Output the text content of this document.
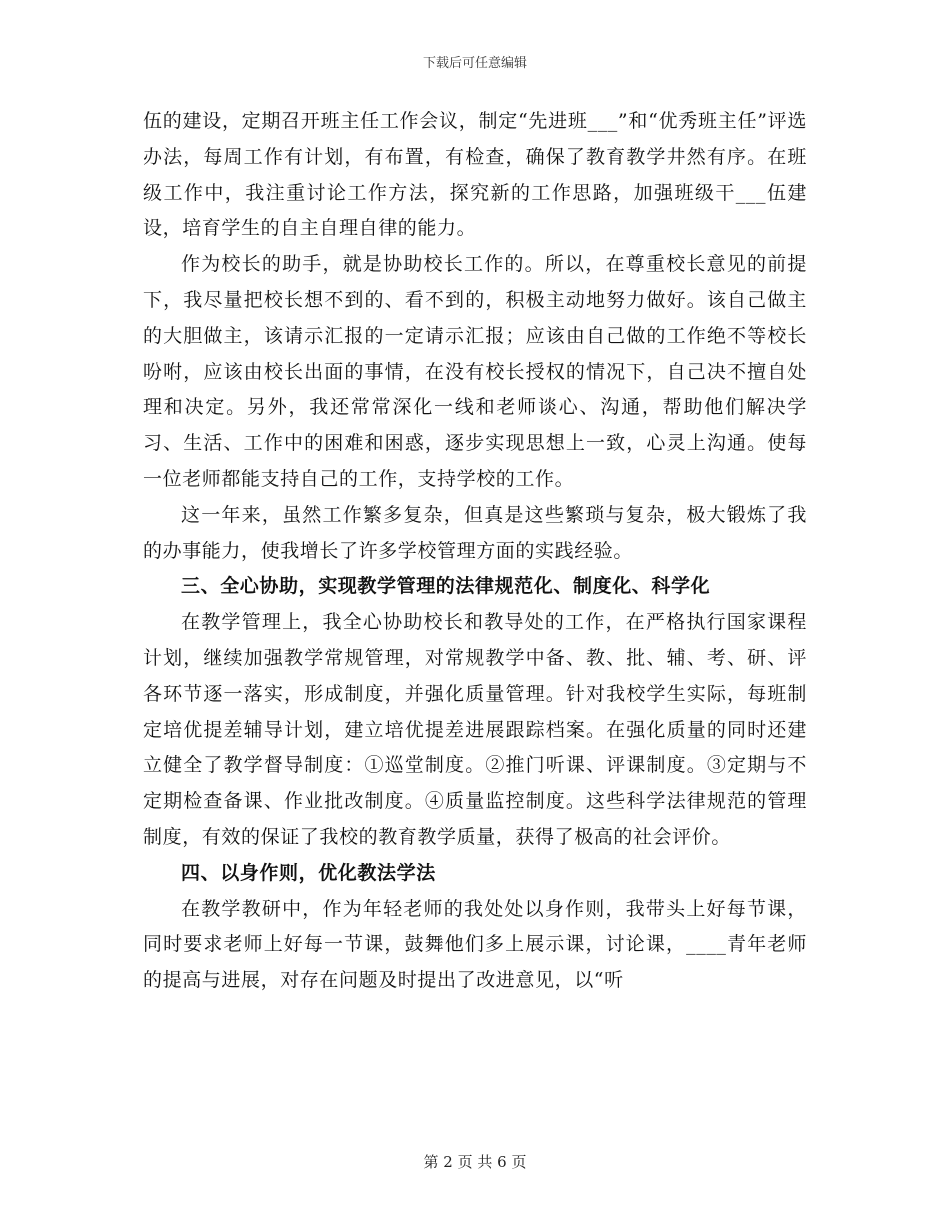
下载后可任意编辑

伍的建设，定期召开班主任工作会议，制定“先进班___”和“优秀班主任”评选办法，每周工作有计划，有布置，有检查，确保了教育教学井然有序。在班级工作中，我注重讨论工作方法，探究新的工作思路，加强班级干___伍建设，培育学生的自主自理自律的能力。

作为校长的助手，就是协助校长工作的。所以，在尊重校长意见的前提下，我尽量把校长想不到的、看不到的，积极主动地努力做好。该自己做主的大胆做主，该请示汇报的一定请示汇报；应该由自己做的工作绝不等校长吩咐，应该由校长出面的事情，在没有校长授权的情况下，自己决不擅自处理和决定。另外，我还常常深化一线和老师谈心、沟通，帮助他们解决学习、生活、工作中的困难和困惑，逐步实现思想上一致，心灵上沟通。使每一位老师都能支持自己的工作，支持学校的工作。

这一年来，虽然工作繁多复杂，但真是这些繁琐与复杂，极大锻炼了我的办事能力，使我增长了许多学校管理方面的实践经验。

三、全心协助，实现教学管理的法律规范化、制度化、科学化

在教学管理上，我全心协助校长和教导处的工作，在严格执行国家课程计划，继续加强教学常规管理，对常规教学中备、教、批、辅、考、研、评各环节逐一落实，形成制度，并强化质量管理。针对我校学生实际，每班制定培优提差辅导计划，建立培优提差进展跟踪档案。在强化质量的同时还建立健全了教学督导制度：①巡堂制度。②推门听课、评课制度。③定期与不定期检查备课、作业批改制度。④质量监控制度。这些科学法律规范的管理制度，有效的保证了我校的教育教学质量，获得了极高的社会评价。

四、以身作则，优化教法学法

在教学教研中，作为年轻老师的我处处以身作则，我带头上好每节课，同时要求老师上好每一节课，鼓舞他们多上展示课，讨论课，____青年老师的提高与进展，对存在问题及时提出了改进意见，以“听

第 2 页 共 6 页
